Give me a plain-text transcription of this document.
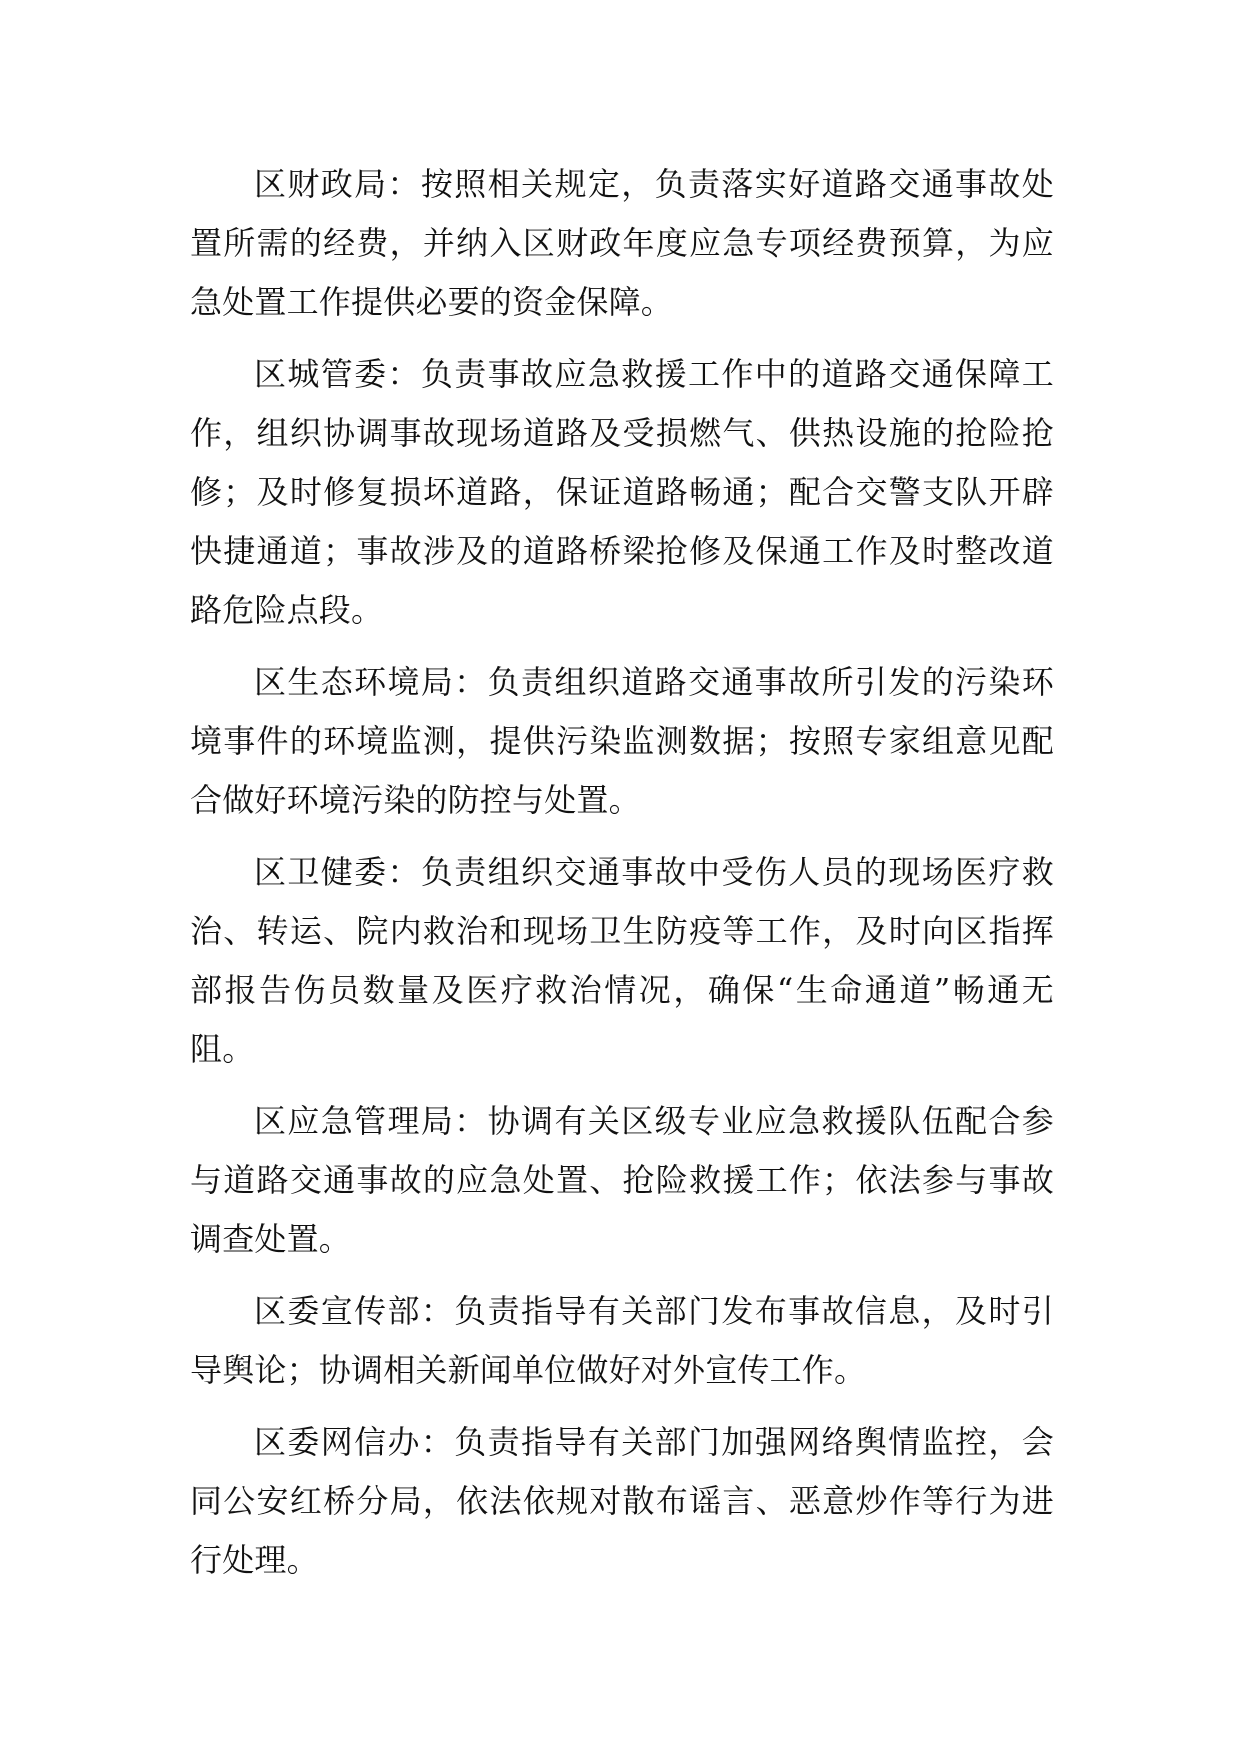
区财政局：按照相关规定，负责落实好道路交通事故处置所需的经费，并纳入区财政年度应急专项经费预算，为应急处置工作提供必要的资金保障。

区城管委：负责事故应急救援工作中的道路交通保障工作，组织协调事故现场道路及受损燃气、供热设施的抢险抢修；及时修复损坏道路，保证道路畅通；配合交警支队开辟快捷通道；事故涉及的道路桥梁抢修及保通工作及时整改道路危险点段。

区生态环境局：负责组织道路交通事故所引发的污染环境事件的环境监测，提供污染监测数据；按照专家组意见配合做好环境污染的防控与处置。

区卫健委：负责组织交通事故中受伤人员的现场医疗救治、转运、院内救治和现场卫生防疫等工作，及时向区指挥部报告伤员数量及医疗救治情况，确保“生命通道”畅通无阻。

区应急管理局：协调有关区级专业应急救援队伍配合参与道路交通事故的应急处置、抢险救援工作；依法参与事故调查处置。

区委宣传部：负责指导有关部门发布事故信息，及时引导舆论；协调相关新闻单位做好对外宣传工作。

区委网信办：负责指导有关部门加强网络舆情监控，会同公安红桥分局，依法依规对散布谣言、恶意炒作等行为进行处理。
